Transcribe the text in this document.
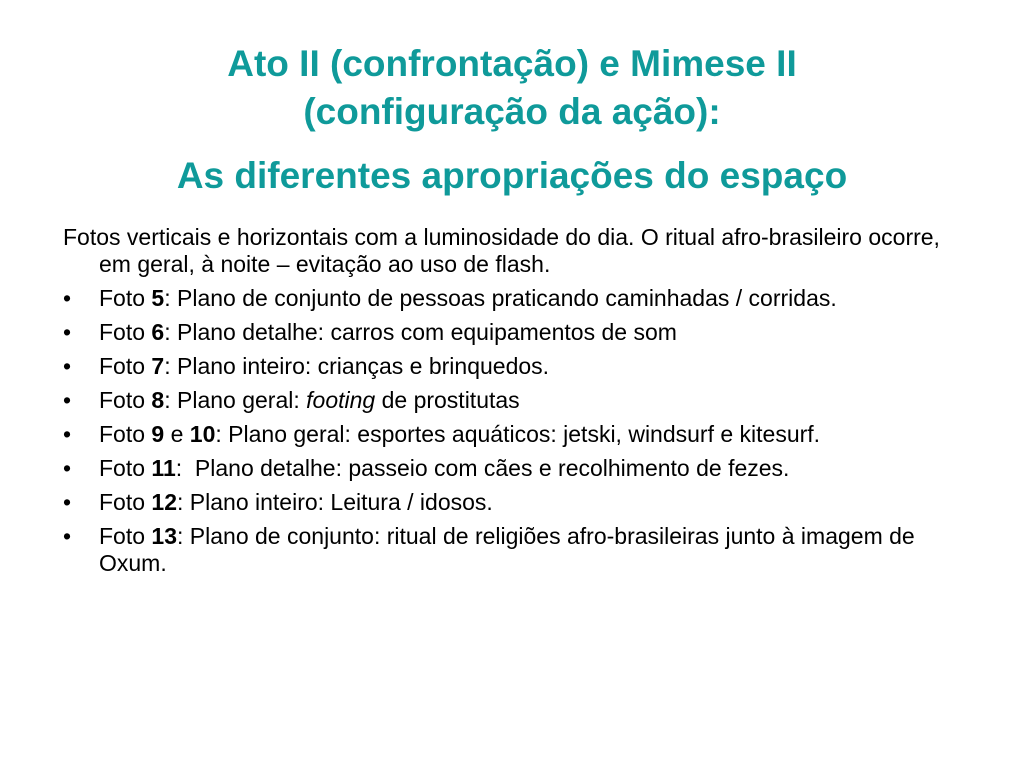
Ato II (confrontação) e Mimese II

(configuração da ação):

As diferentes apropriações do espaço

Fotos verticais e horizontais com a luminosidade do dia. O ritual afro-brasileiro ocorre, em geral, à noite – evitação ao uso de flash.

• Foto 5: Plano de conjunto de pessoas praticando caminhadas / corridas.
• Foto 6: Plano detalhe: carros com equipamentos de som
• Foto 7: Plano inteiro: crianças e brinquedos.
• Foto 8: Plano geral: footing de prostitutas
• Foto 9 e 10: Plano geral: esportes aquáticos: jetski, windsurf e kitesurf.
• Foto 11:  Plano detalhe: passeio com cães e recolhimento de fezes.
• Foto 12: Plano inteiro: Leitura / idosos.
• Foto 13: Plano de conjunto: ritual de religiões afro-brasileiras junto à imagem de Oxum.
